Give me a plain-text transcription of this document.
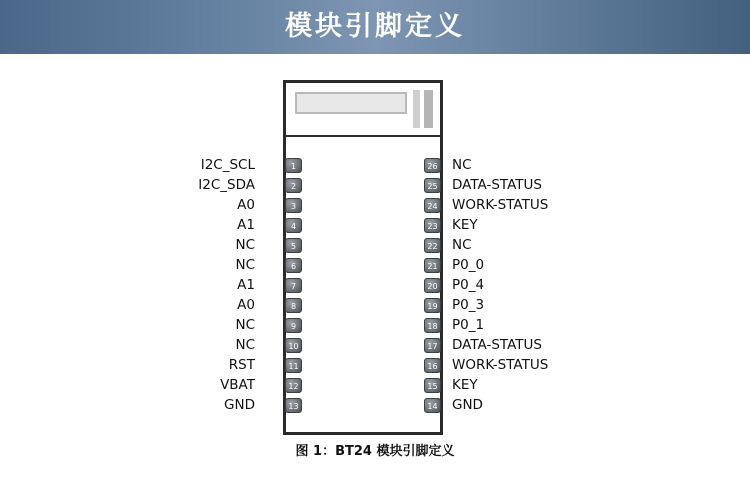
模块引脚定义
1
I2C_SCL
2
I2C_SDA
3
A0
4
A1
5
NC
6
NC
7
A1
8
A0
9
NC
10
NC
11
RST
12
VBAT
13
GND
26 NC
25 DATA-STATUS
24 WORK-STATUS
23 KEY
22 NC
21 P0_0
20 P0_4
19 P0_3
18 P0_1
17 DATA-STATUS
16 WORK-STATUS
15 KEY
14 GND
图 1：BT24 模块引脚定义
